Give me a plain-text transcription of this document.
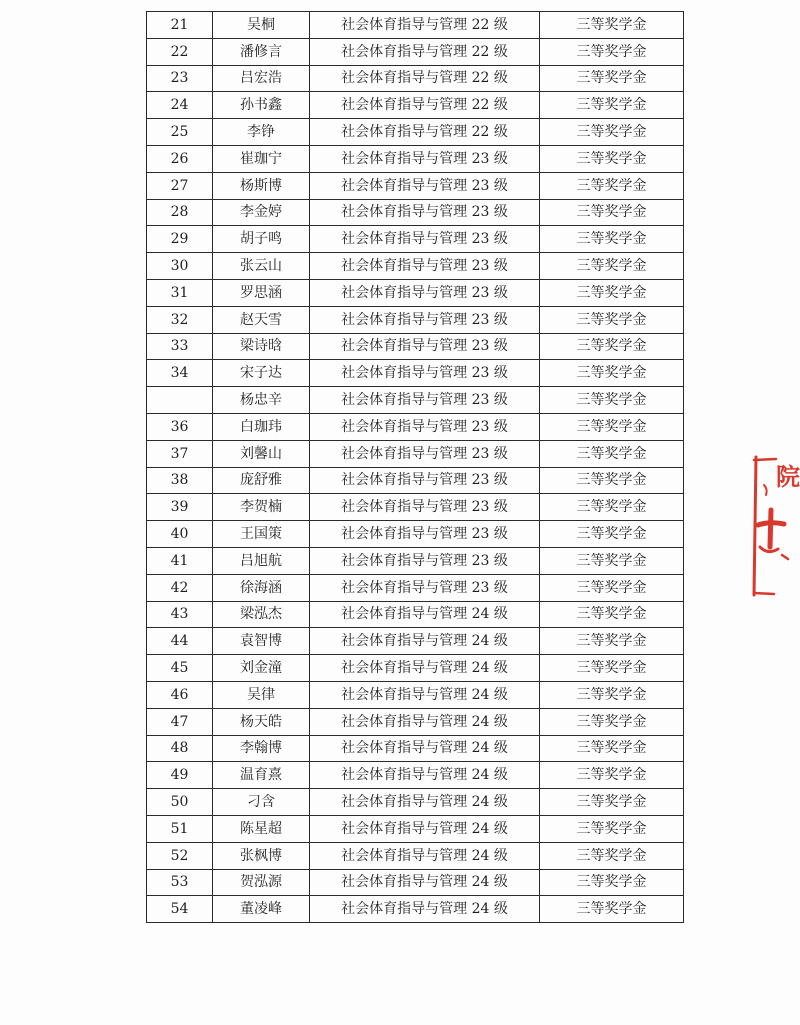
21	吴桐	社会体育指导与管理 22 级	三等奖学金
22	潘修言	社会体育指导与管理 22 级	三等奖学金
23	吕宏浩	社会体育指导与管理 22 级	三等奖学金
24	孙书鑫	社会体育指导与管理 22 级	三等奖学金
25	李铮	社会体育指导与管理 22 级	三等奖学金
26	崔珈宁	社会体育指导与管理 23 级	三等奖学金
27	杨斯博	社会体育指导与管理 23 级	三等奖学金
28	李金婷	社会体育指导与管理 23 级	三等奖学金
29	胡子鸣	社会体育指导与管理 23 级	三等奖学金
30	张云山	社会体育指导与管理 23 级	三等奖学金
31	罗思涵	社会体育指导与管理 23 级	三等奖学金
32	赵天雪	社会体育指导与管理 23 级	三等奖学金
33	梁诗晗	社会体育指导与管理 23 级	三等奖学金
34	宋子达	社会体育指导与管理 23 级	三等奖学金
	杨忠辛	社会体育指导与管理 23 级	三等奖学金
36	白珈玮	社会体育指导与管理 23 级	三等奖学金
37	刘馨山	社会体育指导与管理 23 级	三等奖学金
38	庞舒雅	社会体育指导与管理 23 级	三等奖学金
39	李贺楠	社会体育指导与管理 23 级	三等奖学金
40	王国策	社会体育指导与管理 23 级	三等奖学金
41	吕旭航	社会体育指导与管理 23 级	三等奖学金
42	徐海涵	社会体育指导与管理 23 级	三等奖学金
43	梁泓杰	社会体育指导与管理 24 级	三等奖学金
44	袁智博	社会体育指导与管理 24 级	三等奖学金
45	刘金潼	社会体育指导与管理 24 级	三等奖学金
46	吴律	社会体育指导与管理 24 级	三等奖学金
47	杨天皓	社会体育指导与管理 24 级	三等奖学金
48	李翰博	社会体育指导与管理 24 级	三等奖学金
49	温育熹	社会体育指导与管理 24 级	三等奖学金
50	刁含	社会体育指导与管理 24 级	三等奖学金
51	陈星超	社会体育指导与管理 24 级	三等奖学金
52	张枫博	社会体育指导与管理 24 级	三等奖学金
53	贺泓源	社会体育指导与管理 24 级	三等奖学金
54	董凌峰	社会体育指导与管理 24 级	三等奖学金
院
